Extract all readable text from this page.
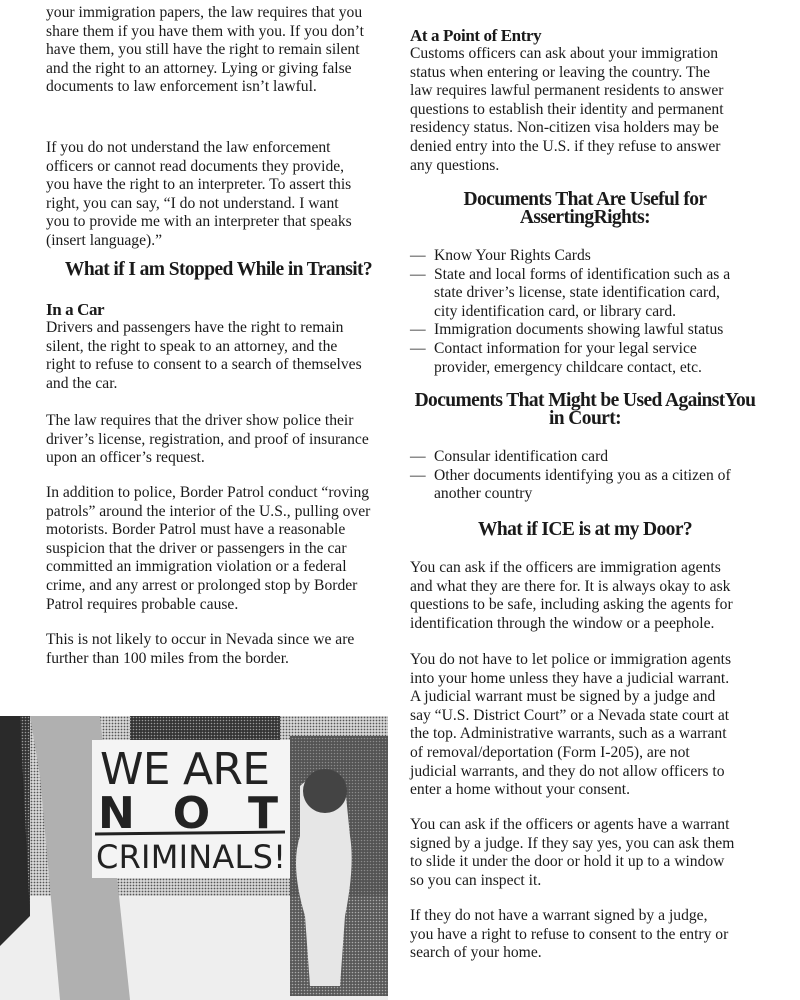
your immigration papers, the law requires that you
share them if you have them with you. If you don’t
have them, you still have the right to remain silent
and the right to an attorney. Lying or giving false
documents to law enforcement isn’t lawful.
If you do not understand the law enforcement
officers or cannot read documents they provide,
you have the right to an interpreter. To assert this
right, you can say, “I do not understand. I want
you to provide me with an interpreter that speaks
(insert language).”
What if I am Stopped While in Transit?
In a Car
Drivers and passengers have the right to remain
silent, the right to speak to an attorney, and the
right to refuse to consent to a search of themselves
and the car.
The law requires that the driver show police their
driver’s license, registration, and proof of insurance
upon an officer’s request.
In addition to police, Border Patrol conduct “roving
patrols” around the interior of the U.S., pulling over
motorists. Border Patrol must have a reasonable
suspicion that the driver or passengers in the car
committed an immigration violation or a federal
crime, and any arrest or prolonged stop by Border
Patrol requires probable cause.
This is not likely to occur in Nevada since we are
further than 100 miles from the border.
WE ARE
NOT
CRIMINALS!
At a Point of Entry
Customs officers can ask about your immigration
status when entering or leaving the country. The
law requires lawful permanent residents to answer
questions to establish their identity and permanent
residency status. Non-citizen visa holders may be
denied entry into the U.S. if they refuse to answer
any questions.
Documents That Are Useful for AssertingRights:
— Know Your Rights Cards
— State and local forms of identification such as a
state driver’s license, state identification card,
city identification card, or library card.
— Immigration documents showing lawful status
— Contact information for your legal service
provider, emergency childcare contact, etc.
Documents That Might be Used AgainstYou in Court:
— Consular identification card
— Other documents identifying you as a citizen of
another country
What if ICE is at my Door?
You can ask if the officers are immigration agents
and what they are there for. It is always okay to ask
questions to be safe, including asking the agents for
identification through the window or a peephole.
You do not have to let police or immigration agents
into your home unless they have a judicial warrant.
A judicial warrant must be signed by a judge and
say “U.S. District Court” or a Nevada state court at
the top. Administrative warrants, such as a warrant
of removal/deportation (Form I-205), are not
judicial warrants, and they do not allow officers to
enter a home without your consent.
You can ask if the officers or agents have a warrant
signed by a judge. If they say yes, you can ask them
to slide it under the door or hold it up to a window
so you can inspect it.
If they do not have a warrant signed by a judge,
you have a right to refuse to consent to the entry or
search of your home.
